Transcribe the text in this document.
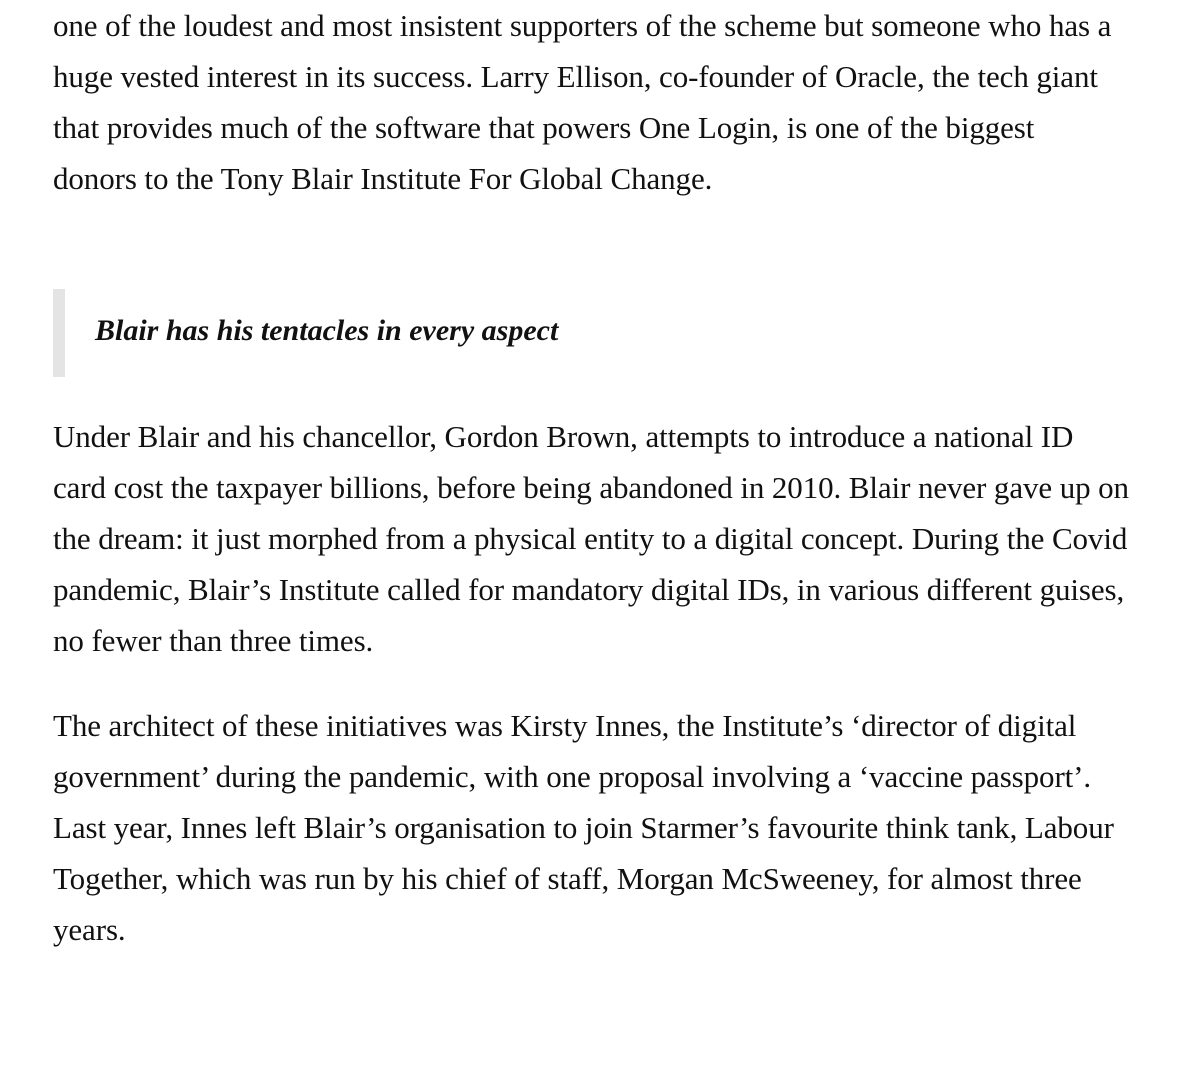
one of the loudest and most insistent supporters of the scheme but someone who has a huge vested interest in its success. Larry Ellison, co-founder of Oracle, the tech giant that provides much of the software that powers One Login, is one of the biggest donors to the Tony Blair Institute For Global Change.

Blair has his tentacles in every aspect

Under Blair and his chancellor, Gordon Brown, attempts to introduce a national ID card cost the taxpayer billions, before being abandoned in 2010. Blair never gave up on the dream: it just morphed from a physical entity to a digital concept. During the Covid pandemic, Blair’s Institute called for mandatory digital IDs, in various different guises, no fewer than three times.

The architect of these initiatives was Kirsty Innes, the Institute’s ‘director of digital government’ during the pandemic, with one proposal involving a ‘vaccine passport’. Last year, Innes left Blair’s organisation to join Starmer’s favourite think tank, Labour Together, which was run by his chief of staff, Morgan McSweeney, for almost three years.
